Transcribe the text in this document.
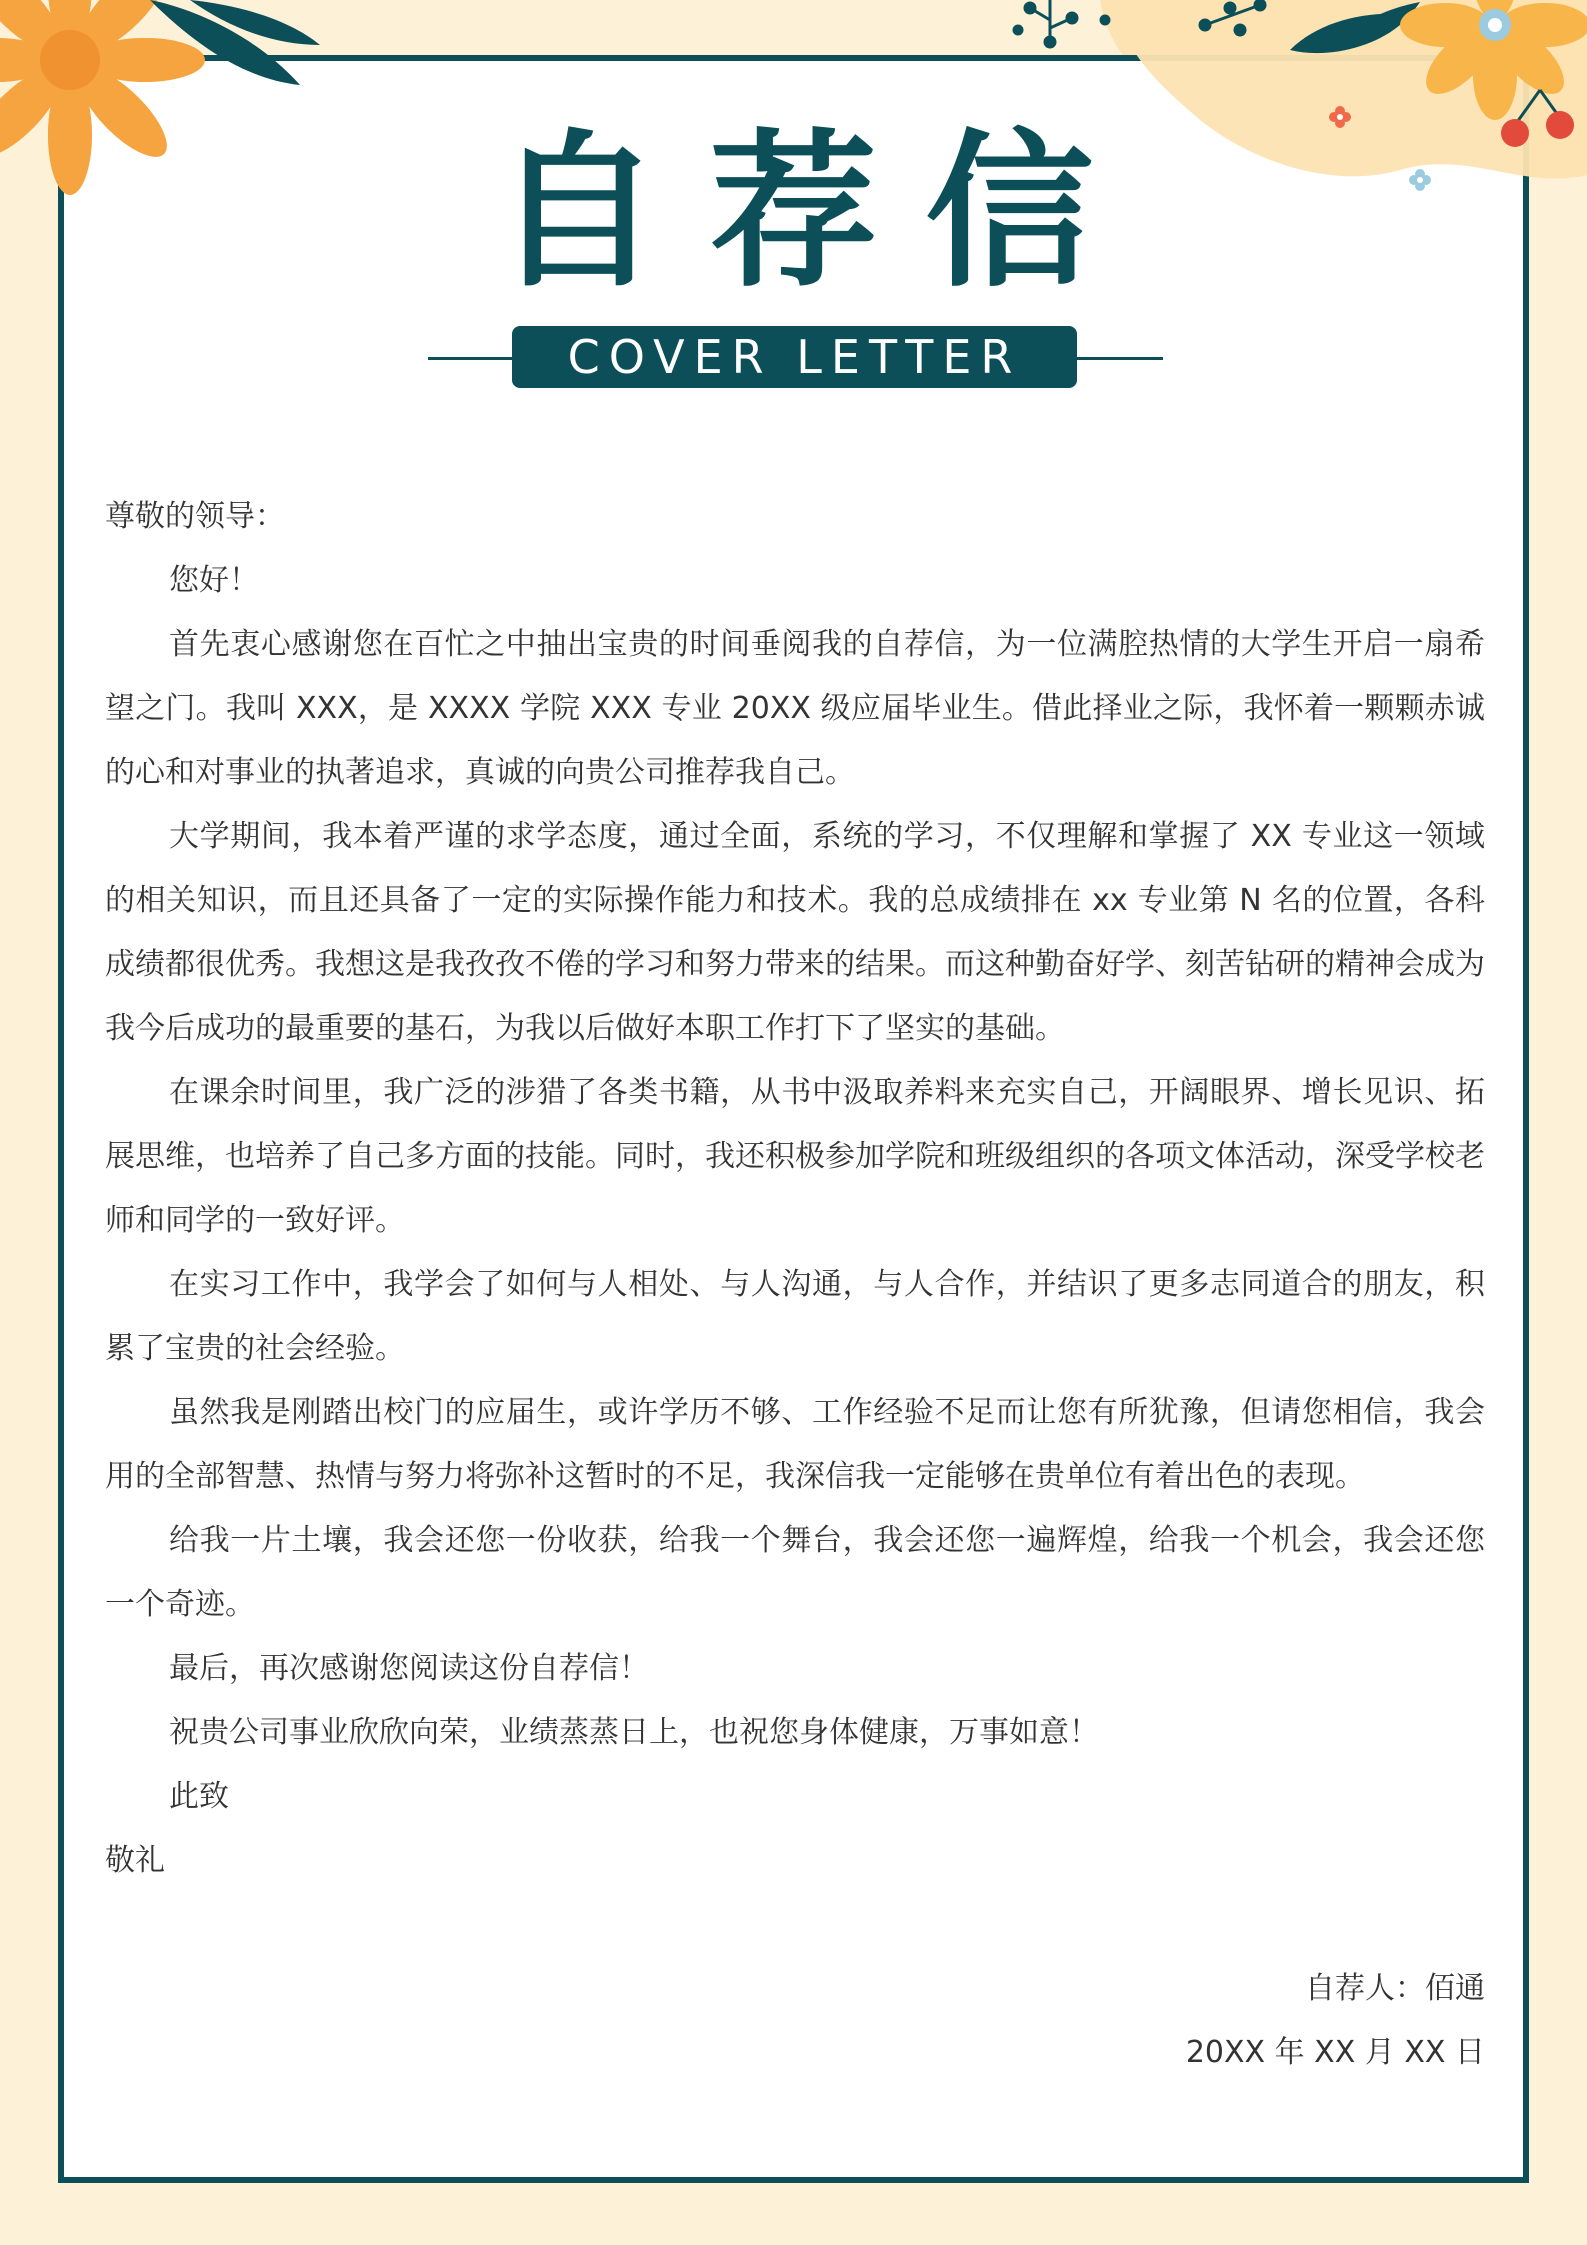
自荐信
COVER LETTER

尊敬的领导：

您好！

首先衷心感谢您在百忙之中抽出宝贵的时间垂阅我的自荐信，为一位满腔热情的大学生开启一扇希望之门。我叫 XXX，是 XXXX 学院 XXX 专业 20XX 级应届毕业生。借此择业之际，我怀着一颗颗赤诚的心和对事业的执著追求，真诚的向贵公司推荐我自己。

大学期间，我本着严谨的求学态度，通过全面，系统的学习，不仅理解和掌握了 XX 专业这一领域的相关知识，而且还具备了一定的实际操作能力和技术。我的总成绩排在 xx 专业第 N 名的位置，各科成绩都很优秀。我想这是我孜孜不倦的学习和努力带来的结果。而这种勤奋好学、刻苦钻研的精神会成为我今后成功的最重要的基石，为我以后做好本职工作打下了坚实的基础。

在课余时间里，我广泛的涉猎了各类书籍，从书中汲取养料来充实自己，开阔眼界、增长见识、拓展思维，也培养了自己多方面的技能。同时，我还积极参加学院和班级组织的各项文体活动，深受学校老师和同学的一致好评。

在实习工作中，我学会了如何与人相处、与人沟通，与人合作，并结识了更多志同道合的朋友，积累了宝贵的社会经验。

虽然我是刚踏出校门的应届生，或许学历不够、工作经验不足而让您有所犹豫，但请您相信，我会用的全部智慧、热情与努力将弥补这暂时的不足，我深信我一定能够在贵单位有着出色的表现。

给我一片土壤，我会还您一份收获，给我一个舞台，我会还您一遍辉煌，给我一个机会，我会还您一个奇迹。

最后，再次感谢您阅读这份自荐信！

祝贵公司事业欣欣向荣，业绩蒸蒸日上，也祝您身体健康，万事如意！

此致

敬礼

自荐人：佰通

20XX 年 XX 月 XX 日
